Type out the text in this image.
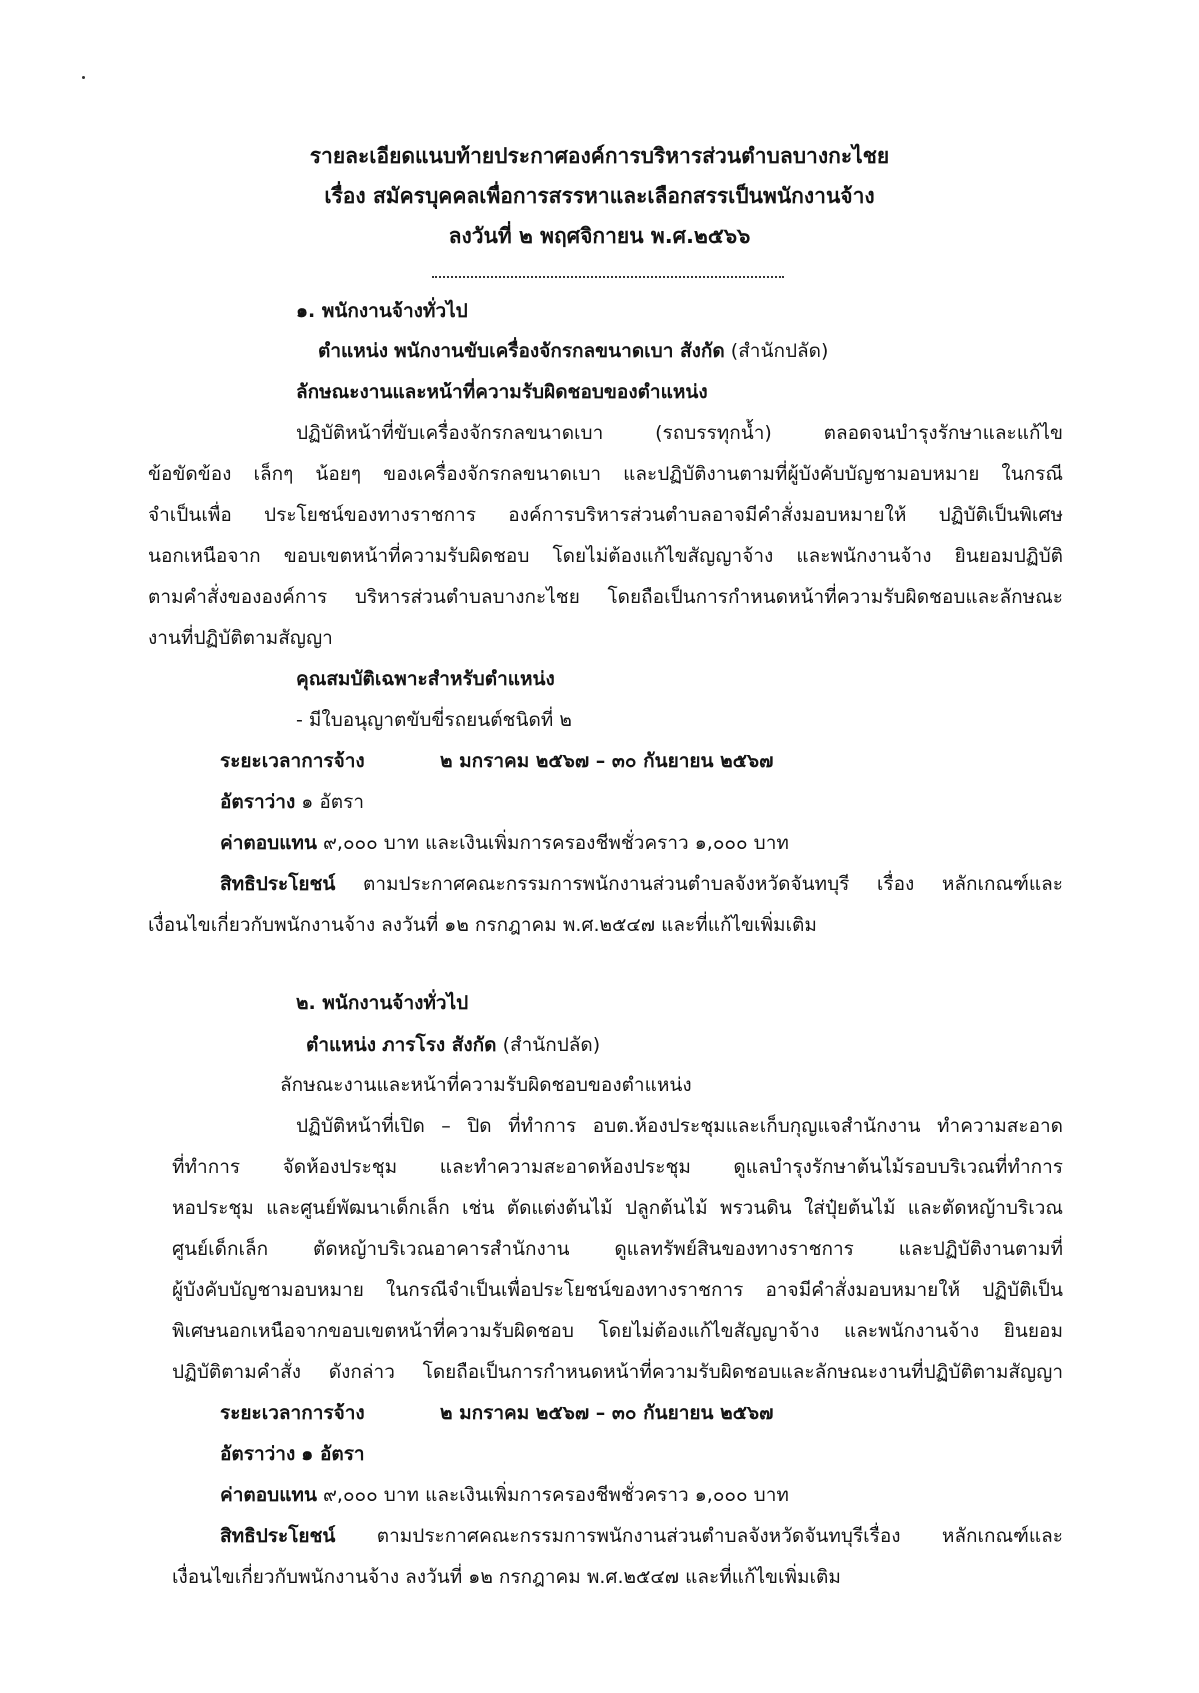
รายละเอียดแนบท้ายประกาศองค์การบริหารส่วนตำบลบางกะไชย
เรื่อง สมัครบุคคลเพื่อการสรรหาและเลือกสรรเป็นพนักงานจ้าง
ลงวันที่ ๒ พฤศจิกายน พ.ศ.๒๕๖๖
๑. พนักงานจ้างทั่วไป
ตำแหน่ง พนักงานขับเครื่องจักรกลขนาดเบา สังกัด (สำนักปลัด)
ลักษณะงานและหน้าที่ความรับผิดชอบของตำแหน่ง
ปฏิบัติหน้าที่ขับเครื่องจักรกลขนาดเบา (รถบรรทุกน้ำ) ตลอดจนบำรุงรักษาและแก้ไข
ข้อขัดข้อง เล็กๆ น้อยๆ ของเครื่องจักรกลขนาดเบา และปฏิบัติงานตามที่ผู้บังคับบัญชามอบหมาย ในกรณี
จำเป็นเพื่อ ประโยชน์ของทางราชการ องค์การบริหารส่วนตำบลอาจมีคำสั่งมอบหมายให้ ปฏิบัติเป็นพิเศษ
นอกเหนือจาก ขอบเขตหน้าที่ความรับผิดชอบ โดยไม่ต้องแก้ไขสัญญาจ้าง และพนักงานจ้าง ยินยอมปฏิบัติ
ตามคำสั่งขององค์การ บริหารส่วนตำบลบางกะไชย โดยถือเป็นการกำหนดหน้าที่ความรับผิดชอบและลักษณะ
งานที่ปฏิบัติตามสัญญา
คุณสมบัติเฉพาะสำหรับตำแหน่ง
- มีใบอนุญาตขับขี่รถยนต์ชนิดที่ ๒
ระยะเวลาการจ้าง	๒ มกราคม ๒๕๖๗ – ๓๐ กันยายน ๒๕๖๗
อัตราว่าง ๑ อัตรา
ค่าตอบแทน ๙,๐๐๐ บาท และเงินเพิ่มการครองชีพชั่วคราว ๑,๐๐๐ บาท
สิทธิประโยชน์ ตามประกาศคณะกรรมการพนักงานส่วนตำบลจังหวัดจันทบุรี เรื่อง หลักเกณฑ์และ
เงื่อนไขเกี่ยวกับพนักงานจ้าง ลงวันที่ ๑๒ กรกฎาคม พ.ศ.๒๕๔๗ และที่แก้ไขเพิ่มเติม
๒. พนักงานจ้างทั่วไป
ตำแหน่ง ภารโรง สังกัด (สำนักปลัด)
ลักษณะงานและหน้าที่ความรับผิดชอบของตำแหน่ง
ปฏิบัติหน้าที่เปิด – ปิด ที่ทำการ อบต.ห้องประชุมและเก็บกุญแจสำนักงาน ทำความสะอาด
ที่ทำการ จัดห้องประชุม และทำความสะอาดห้องประชุม ดูแลบำรุงรักษาต้นไม้รอบบริเวณที่ทำการ
หอประชุม และศูนย์พัฒนาเด็กเล็ก เช่น ตัดแต่งต้นไม้ ปลูกต้นไม้ พรวนดิน ใส่ปุ๋ยต้นไม้ และตัดหญ้าบริเวณ
ศูนย์เด็กเล็ก ตัดหญ้าบริเวณอาคารสำนักงาน ดูแลทรัพย์สินของทางราชการ และปฏิบัติงานตามที่
ผู้บังคับบัญชามอบหมาย ในกรณีจำเป็นเพื่อประโยชน์ของทางราชการ อาจมีคำสั่งมอบหมายให้ ปฏิบัติเป็น
พิเศษนอกเหนือจากขอบเขตหน้าที่ความรับผิดชอบ โดยไม่ต้องแก้ไขสัญญาจ้าง และพนักงานจ้าง ยินยอม
ปฏิบัติตามคำสั่ง ดังกล่าว โดยถือเป็นการกำหนดหน้าที่ความรับผิดชอบและลักษณะงานที่ปฏิบัติตามสัญญา
ระยะเวลาการจ้าง	๒ มกราคม ๒๕๖๗ – ๓๐ กันยายน ๒๕๖๗
อัตราว่าง ๑ อัตรา
ค่าตอบแทน ๙,๐๐๐ บาท และเงินเพิ่มการครองชีพชั่วคราว ๑,๐๐๐ บาท
สิทธิประโยชน์ ตามประกาศคณะกรรมการพนักงานส่วนตำบลจังหวัดจันทบุรีเรื่อง หลักเกณฑ์และ
เงื่อนไขเกี่ยวกับพนักงานจ้าง ลงวันที่ ๑๒ กรกฎาคม พ.ศ.๒๕๔๗ และที่แก้ไขเพิ่มเติม
